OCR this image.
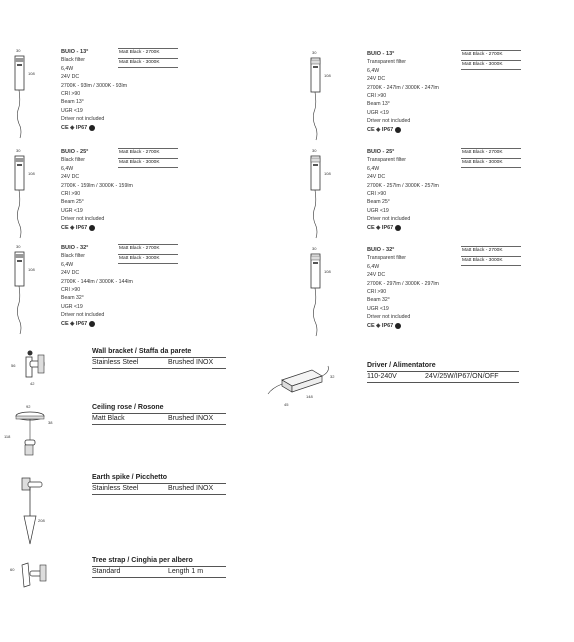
30
108
BUIO - 13°
Black filter
6,4W
24V DC
2700K - 93lm / 3000K - 93lm
CRI >90
Beam 13°
UGR <19
Driver not included
CE ◈ IP67
Matt Black - 2700K
Matt Black - 3000K
30
108
BUIO - 13°
Transparent filter
6,4W
24V DC
2700K - 247lm / 3000K - 247lm
CRI >90
Beam 13°
UGR <19
Driver not included
CE ◈ IP67
Matt Black - 2700K
Matt Black - 3000K
30
108
BUIO - 25°
Black filter
6,4W
24V DC
2700K - 159lm / 3000K - 159lm
CRI >90
Beam 25°
UGR <19
Driver not included
CE ◈ IP67
Matt Black - 2700K
Matt Black - 3000K
30
108
BUIO - 25°
Transparent filter
6,4W
24V DC
2700K - 257lm / 3000K - 257lm
CRI >90
Beam 25°
UGR <19
Driver not included
CE ◈ IP67
Matt Black - 2700K
Matt Black - 3000K
30
108
BUIO - 32°
Black filter
6,4W
24V DC
2700K - 144lm / 3000K - 144lm
CRI >90
Beam 32°
UGR <19
Driver not included
CE ◈ IP67
Matt Black - 2700K
Matt Black - 3000K
30
108
BUIO - 32°
Transparent filter
6,4W
24V DC
2700K - 297lm / 3000K - 297lm
CRI >90
Beam 32°
UGR <19
Driver not included
CE ◈ IP67
Matt Black - 2700K
Matt Black - 3000K
56
42
Wall bracket / Staffa da parete
Stainless Steel	Brushed INOX
92
118
38
Ceiling rose / Rosone
Matt Black	Brushed INOX
208
Earth spike / Picchetto
Stainless Steel	Brushed INOX
60
Tree strap / Cinghia per albero
Standard	Length 1 m
32
148
45
Driver / Alimentatore
110-240V	24V/25W/IP67/ON/OFF
